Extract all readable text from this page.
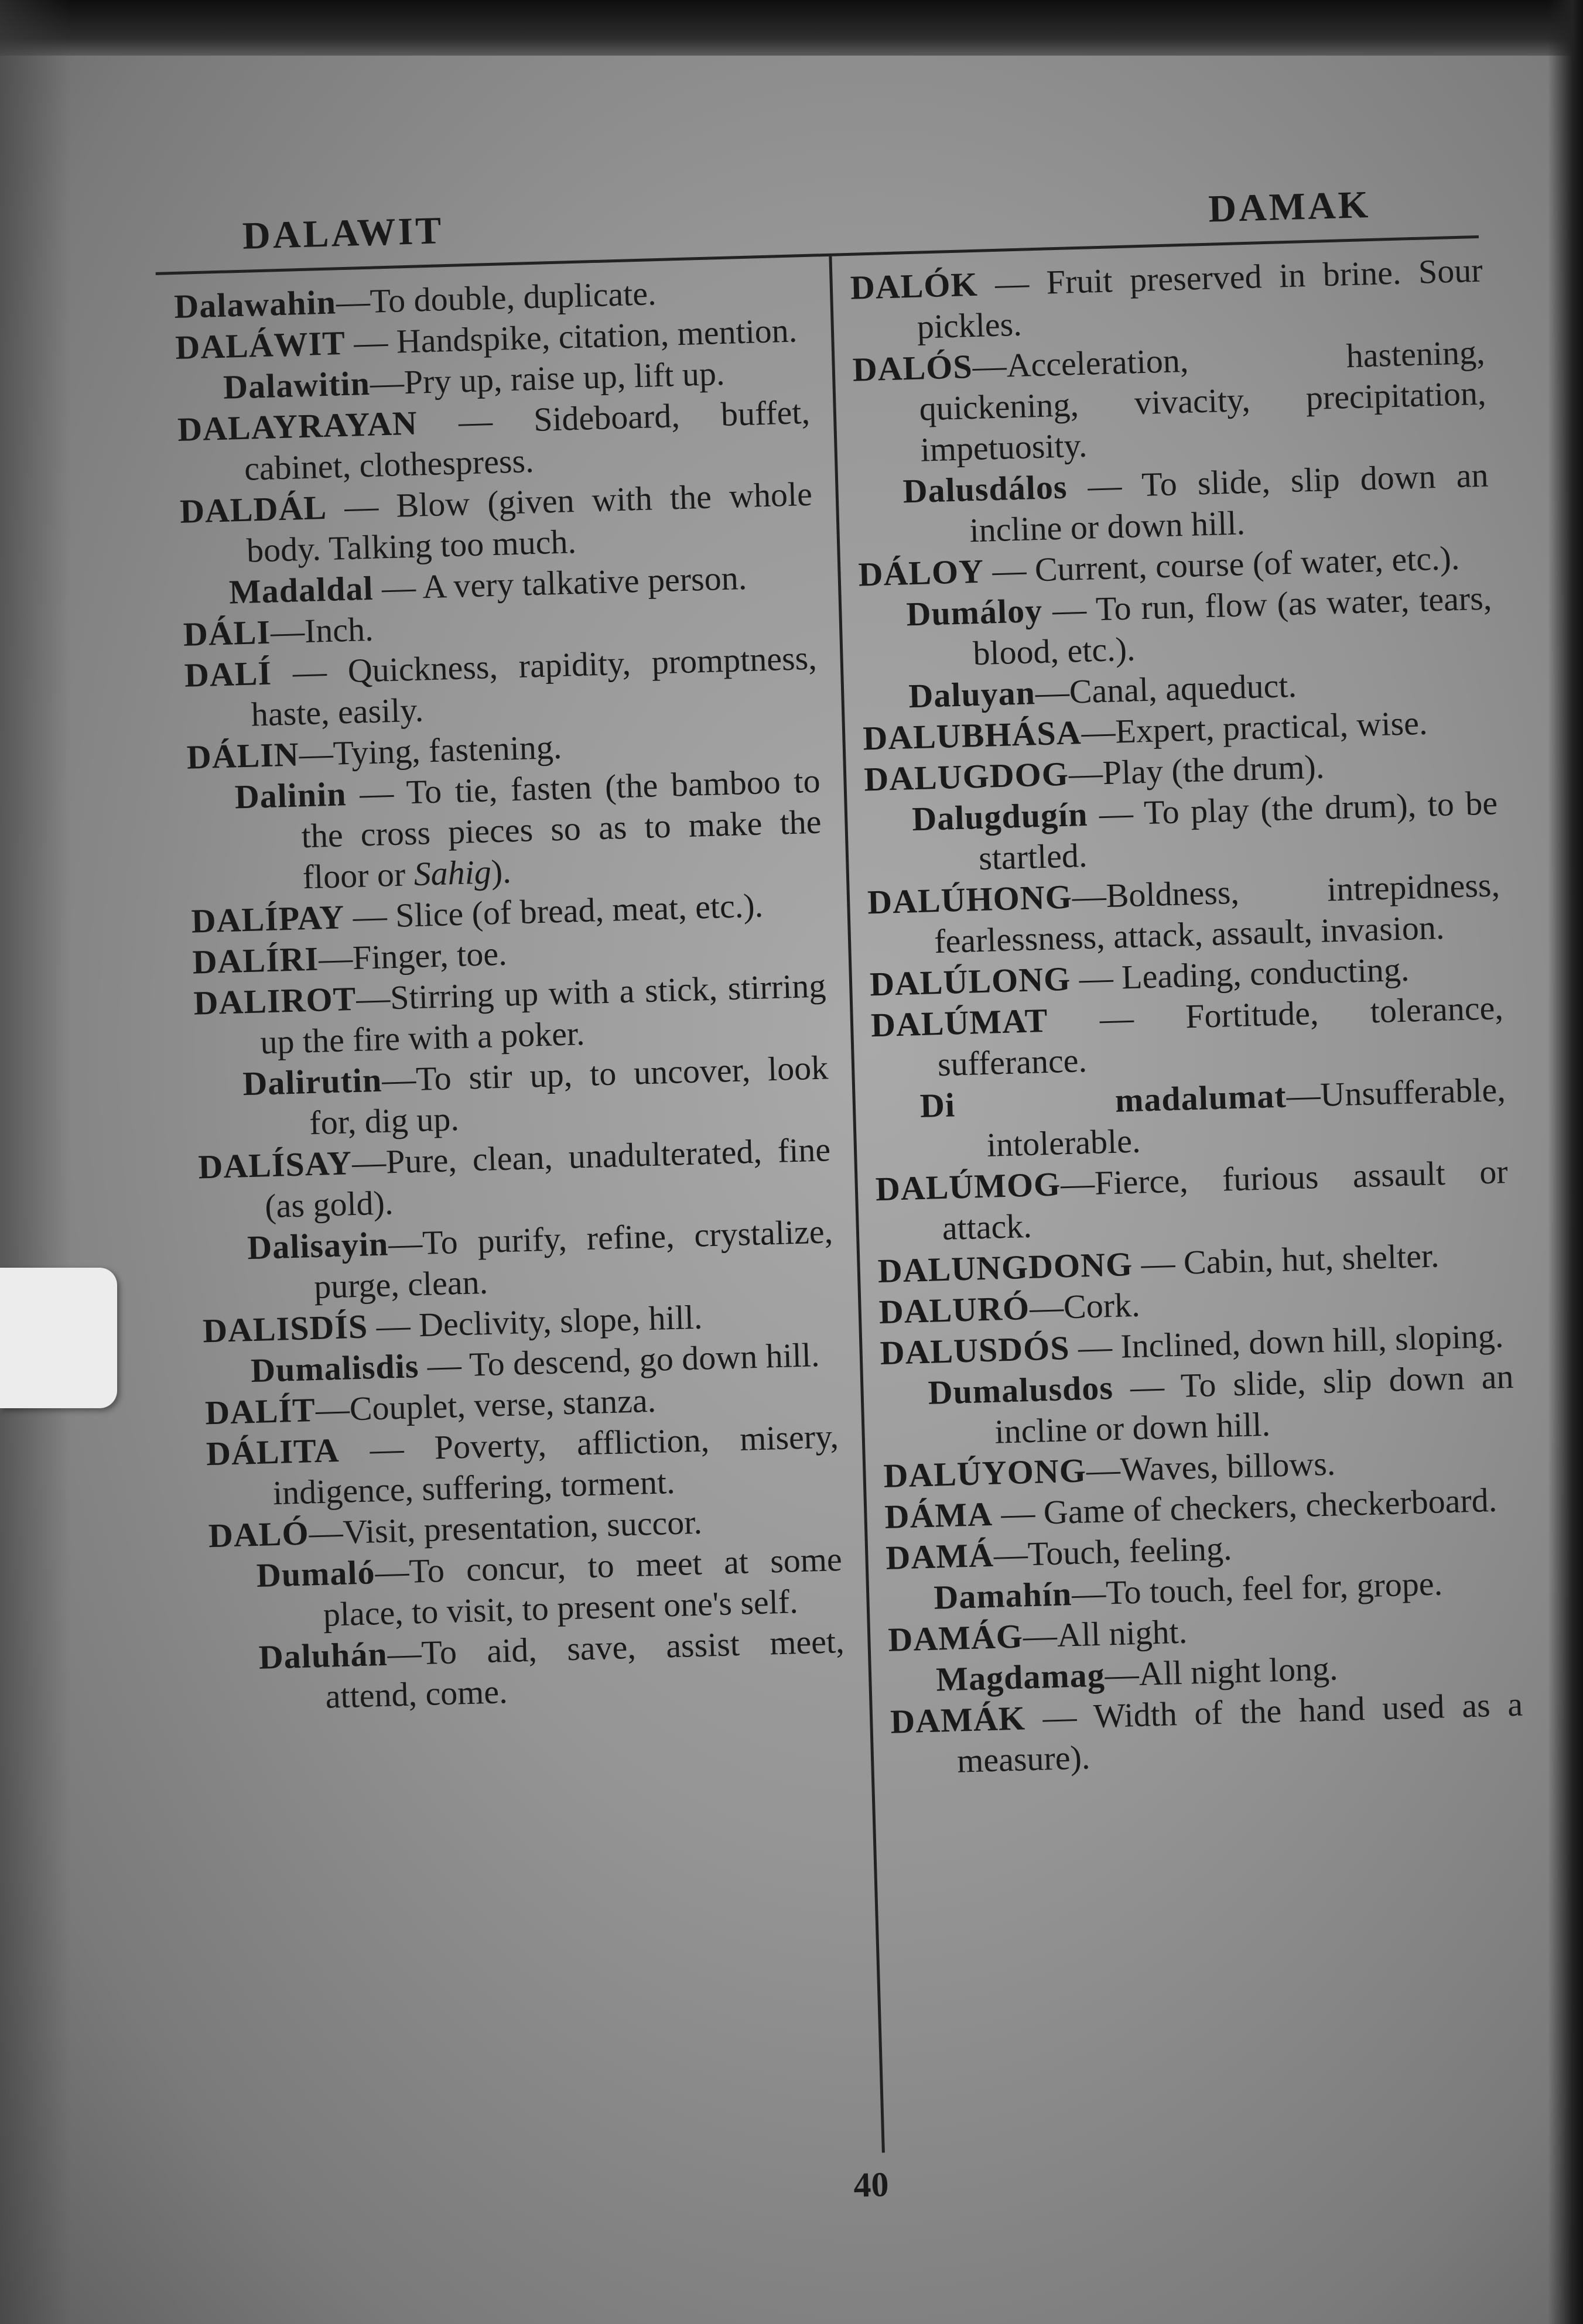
DALAWIT
DAMAK

Dalawahin—To double, duplicate.

DALÁWIT — Handspike, citation, mention.

Dalawitin—Pry up, raise up, lift up.

DALAYRAYAN — Sideboard, buffet, cabinet, clothespress.

DALDÁL — Blow (given with the whole body. Talking too much.

Madaldal — A very talkative person.

DÁLI—Inch.

DALÍ — Quickness, rapidity, promptness, haste, easily.

DÁLIN—Tying, fastening.

Dalinin — To tie, fasten (the bamboo to the cross pieces so as to make the floor or Sahig).

DALÍPAY — Slice (of bread, meat, etc.).

DALÍRI—Finger, toe.

DALIROT—Stirring up with a stick, stirring up the fire with a poker.

Dalirutin—To stir up, to uncover, look for, dig up.

DALÍSAY—Pure, clean, unadulterated, fine (as gold).

Dalisayin—To purify, refine, crystalize, purge, clean.

DALISDÍS — Declivity, slope, hill.

Dumalisdis — To descend, go down hill.

DALÍT—Couplet, verse, stanza.

DÁLITA — Poverty, affliction, misery, indigence, suffering, torment.

DALÓ—Visit, presentation, succor.

Dumaló—To concur, to meet at some place, to visit, to present one's self.

Daluhán—To aid, save, assist meet, attend, come.

DALÓK — Fruit preserved in brine. Sour pickles.

DALÓS—Acceleration, hastening, quickening, vivacity, precipitation, impetuosity.

Dalusdálos — To slide, slip down an incline or down hill.

DÁLOY — Current, course (of water, etc.).

Dumáloy — To run, flow (as water, tears, blood, etc.).

Daluyan—Canal, aqueduct.

DALUBHÁSA—Expert, practical, wise.

DALUGDOG—Play (the drum).

Dalugdugín — To play (the drum), to be startled.

DALÚHONG—Boldness, intrepidness, fearlessness, attack, assault, invasion.

DALÚLONG — Leading, conducting.

DALÚMAT — Fortitude, tolerance, sufferance.

Di madalumat—Unsufferable, intolerable.

DALÚMOG—Fierce, furious assault or attack.

DALUNGDONG — Cabin, hut, shelter.

DALURÓ—Cork.

DALUSDÓS — Inclined, down hill, sloping.

Dumalusdos — To slide, slip down an incline or down hill.

DALÚYONG—Waves, billows.

DÁMA — Game of checkers, checkerboard.

DAMÁ—Touch, feeling.

Damahín—To touch, feel for, grope.

DAMÁG—All night.

Magdamag—All night long.

DAMÁK — Width of the hand used as a measure).

40
